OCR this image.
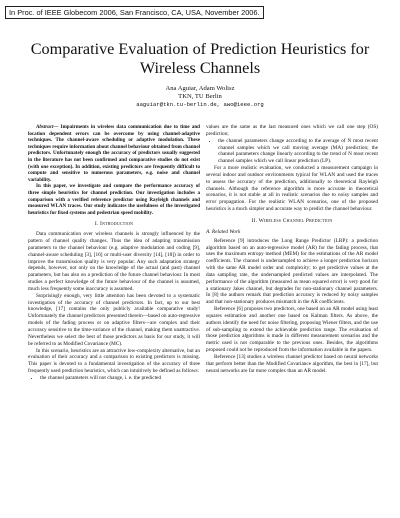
In Proc. of IEEE Globecom 2006, San Francisco, CA, USA, November 2006.
Comparative Evaluation of Prediction Heuristics for
Wireless Channels
Ana Aguiar, Adam Wolisz
TKN, TU Berlin
aaguiar@tkn.tu-berlin.de, awo@ieee.org

Abstract— Impairments in wireless data communication due to time and location dependent errors can be overcome by using channel-adaptive techniques. The channel-aware scheduling or adaptive modulation. These techniques require information about channel behaviour obtained from channel predictors. Unfortunately enough the accuracy of predictors usually suggested in the literature has not been confirmed and comparative studies do not exist (with one exception). In addition, existing predictors are frequently difficult to compute and sensitive to numerous parameters, e.g. noise and channel variability.

In this paper, we investigate and compare the performance accuracy of three simple heuristics for channel prediction. Our investigation includes a comparison with a verified reference predictor using Rayleigh channels and measured WLAN traces. Our study indicates the usefulness of the investigated heuristics for fixed systems and pedestrian speed mobility.

I. Introduction

Data communication over wireless channels is strongly influenced by the pattern of channel quality changes. Thus the idea of adapting transmission parameters to the channel behaviour (e.g. adaptive modulation and coding [9], channel-aware scheduling [3], [16] or multi-user diversity [14], [18]) in order to improve the transmission quality is very popular. Any such adaptation strategy depends, however, not only on the knowledge of the actual (and past) channel parameters, but has also on a prediction of the future channel behaviour. In most studies a perfect knowledge of the future behaviour of the channel is assumed, much less frequently some inaccuracy is assumed.

Surprisingly enough, very little attention has been devoted to a systematic investigation of the accuracy of channel predictors. In fact, up to our best knowledge, [17] contains the only publicly available comparative study! Unfortunately the channel predictors presented therein—based on auto-regressive models of the fading process or on adaptive filters—are complex and their accuracy sensitive to the time-variance of the channel, making them unattractive. Nevertheless we select the best of those predictors as basis for our study, it will be referred to as Modified Covariance (MC).

In this scenario, heuristics are an attractive low-complexity alternative, but an evaluation of their accuracy and a comparison to existing predictors is missing. This paper is devoted to a fundamental investigation of the accuracy of three frequently used prediction heuristics, which can intuitively be defined as follows:

• the channel parameters will not change, i. e. the predicted

values are the same as the last measured ones which we call one step (OS) prediction;

• the channel parameters change according to the average of N most recent channel samples which we call moving average (MA) prediction; the channel parameters change linearly according to the trend of N most recent channel samples which we call linear prediction (LP).

For a more realistic evaluation, we conducted a measurement campaign in several indoor and outdoor environments typical for WLAN and used the traces to assess the accuracy of the prediction, additionally to theoretical Rayleigh channels. Although the reference algorithm is more accurate in theoretical scenarios, it is not stable at all in realistic scenarios due to noisy samples and error propagation. For the realistic WLAN scenarios, one of the proposed heuristics is a much simpler and accurate way to predict the channel behaviour.

II. Wireless Channel Prediction
A. Related Work

Reference [9] introduces the Long Range Predictor (LRP): a prediction algorithm based on an auto-regressive model (AR) for the fading process, that uses the maximum entropy method (MEM) for the estimations of the AR model coefficients. The channel is undersampled to achieve a longer prediction horizon with the same AR model order and complexity; to get predictive values at the data sampling rate, the undersampled predicted values are interpolated. The performance of the algorithm (measured as mean squared error) is very good for a stationary Jakes channel, but degrades for non-stationary channel parameters. In [8] the authors remark that prediction accuracy is reduced by noisy samples and that non-stationary produces mismatch in the AR coefficients.

Reference [6] proposes two predictors, one based on an AR model using least squares estimation and another one based on Kalman filters. As above, the authors identify the need for noise filtering, proposing Wiener filters, and the use of sub-sampling to extend the achievable prediction range. The evaluation of those prediction algorithms is made in different measurement scenarios and the metric used is not comparable to the previous ones. Besides, the algorithms proposed could not be reproduced from the information available in the papers.

Reference [13] studies a wireless channel predictor based on neural networks that perform better than the Modified Covariance algorithm, the best in [17], but neural networks are far more complex than an AR model.
